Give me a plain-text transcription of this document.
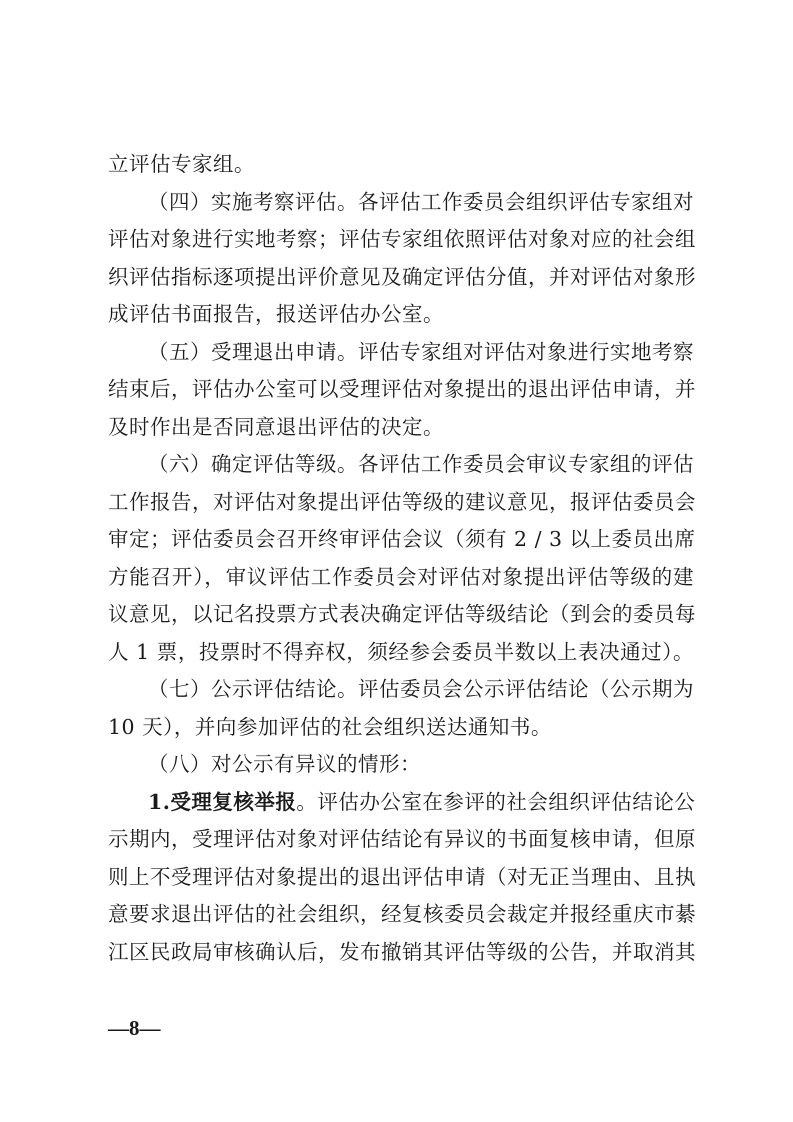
立评估专家组。
（四）实施考察评估。各评估工作委员会组织评估专家组对
评估对象进行实地考察；评估专家组依照评估对象对应的社会组
织评估指标逐项提出评价意见及确定评估分值，并对评估对象形
成评估书面报告，报送评估办公室。
（五）受理退出申请。评估专家组对评估对象进行实地考察
结束后，评估办公室可以受理评估对象提出的退出评估申请，并
及时作出是否同意退出评估的决定。
（六）确定评估等级。各评估工作委员会审议专家组的评估
工作报告，对评估对象提出评估等级的建议意见，报评估委员会
审定；评估委员会召开终审评估会议（须有 2 / 3 以上委员出席
方能召开），审议评估工作委员会对评估对象提出评估等级的建
议意见，以记名投票方式表决确定评估等级结论（到会的委员每
人 1 票，投票时不得弃权，须经参会委员半数以上表决通过）。
（七）公示评估结论。评估委员会公示评估结论（公示期为
10 天），并向参加评估的社会组织送达通知书。
（八）对公示有异议的情形：
1.受理复核举报。评估办公室在参评的社会组织评估结论公
示期内，受理评估对象对评估结论有异议的书面复核申请，但原
则上不受理评估对象提出的退出评估申请（对无正当理由、且执
意要求退出评估的社会组织，经复核委员会裁定并报经重庆市綦
江区民政局审核确认后，发布撤销其评估等级的公告，并取消其
—8—
